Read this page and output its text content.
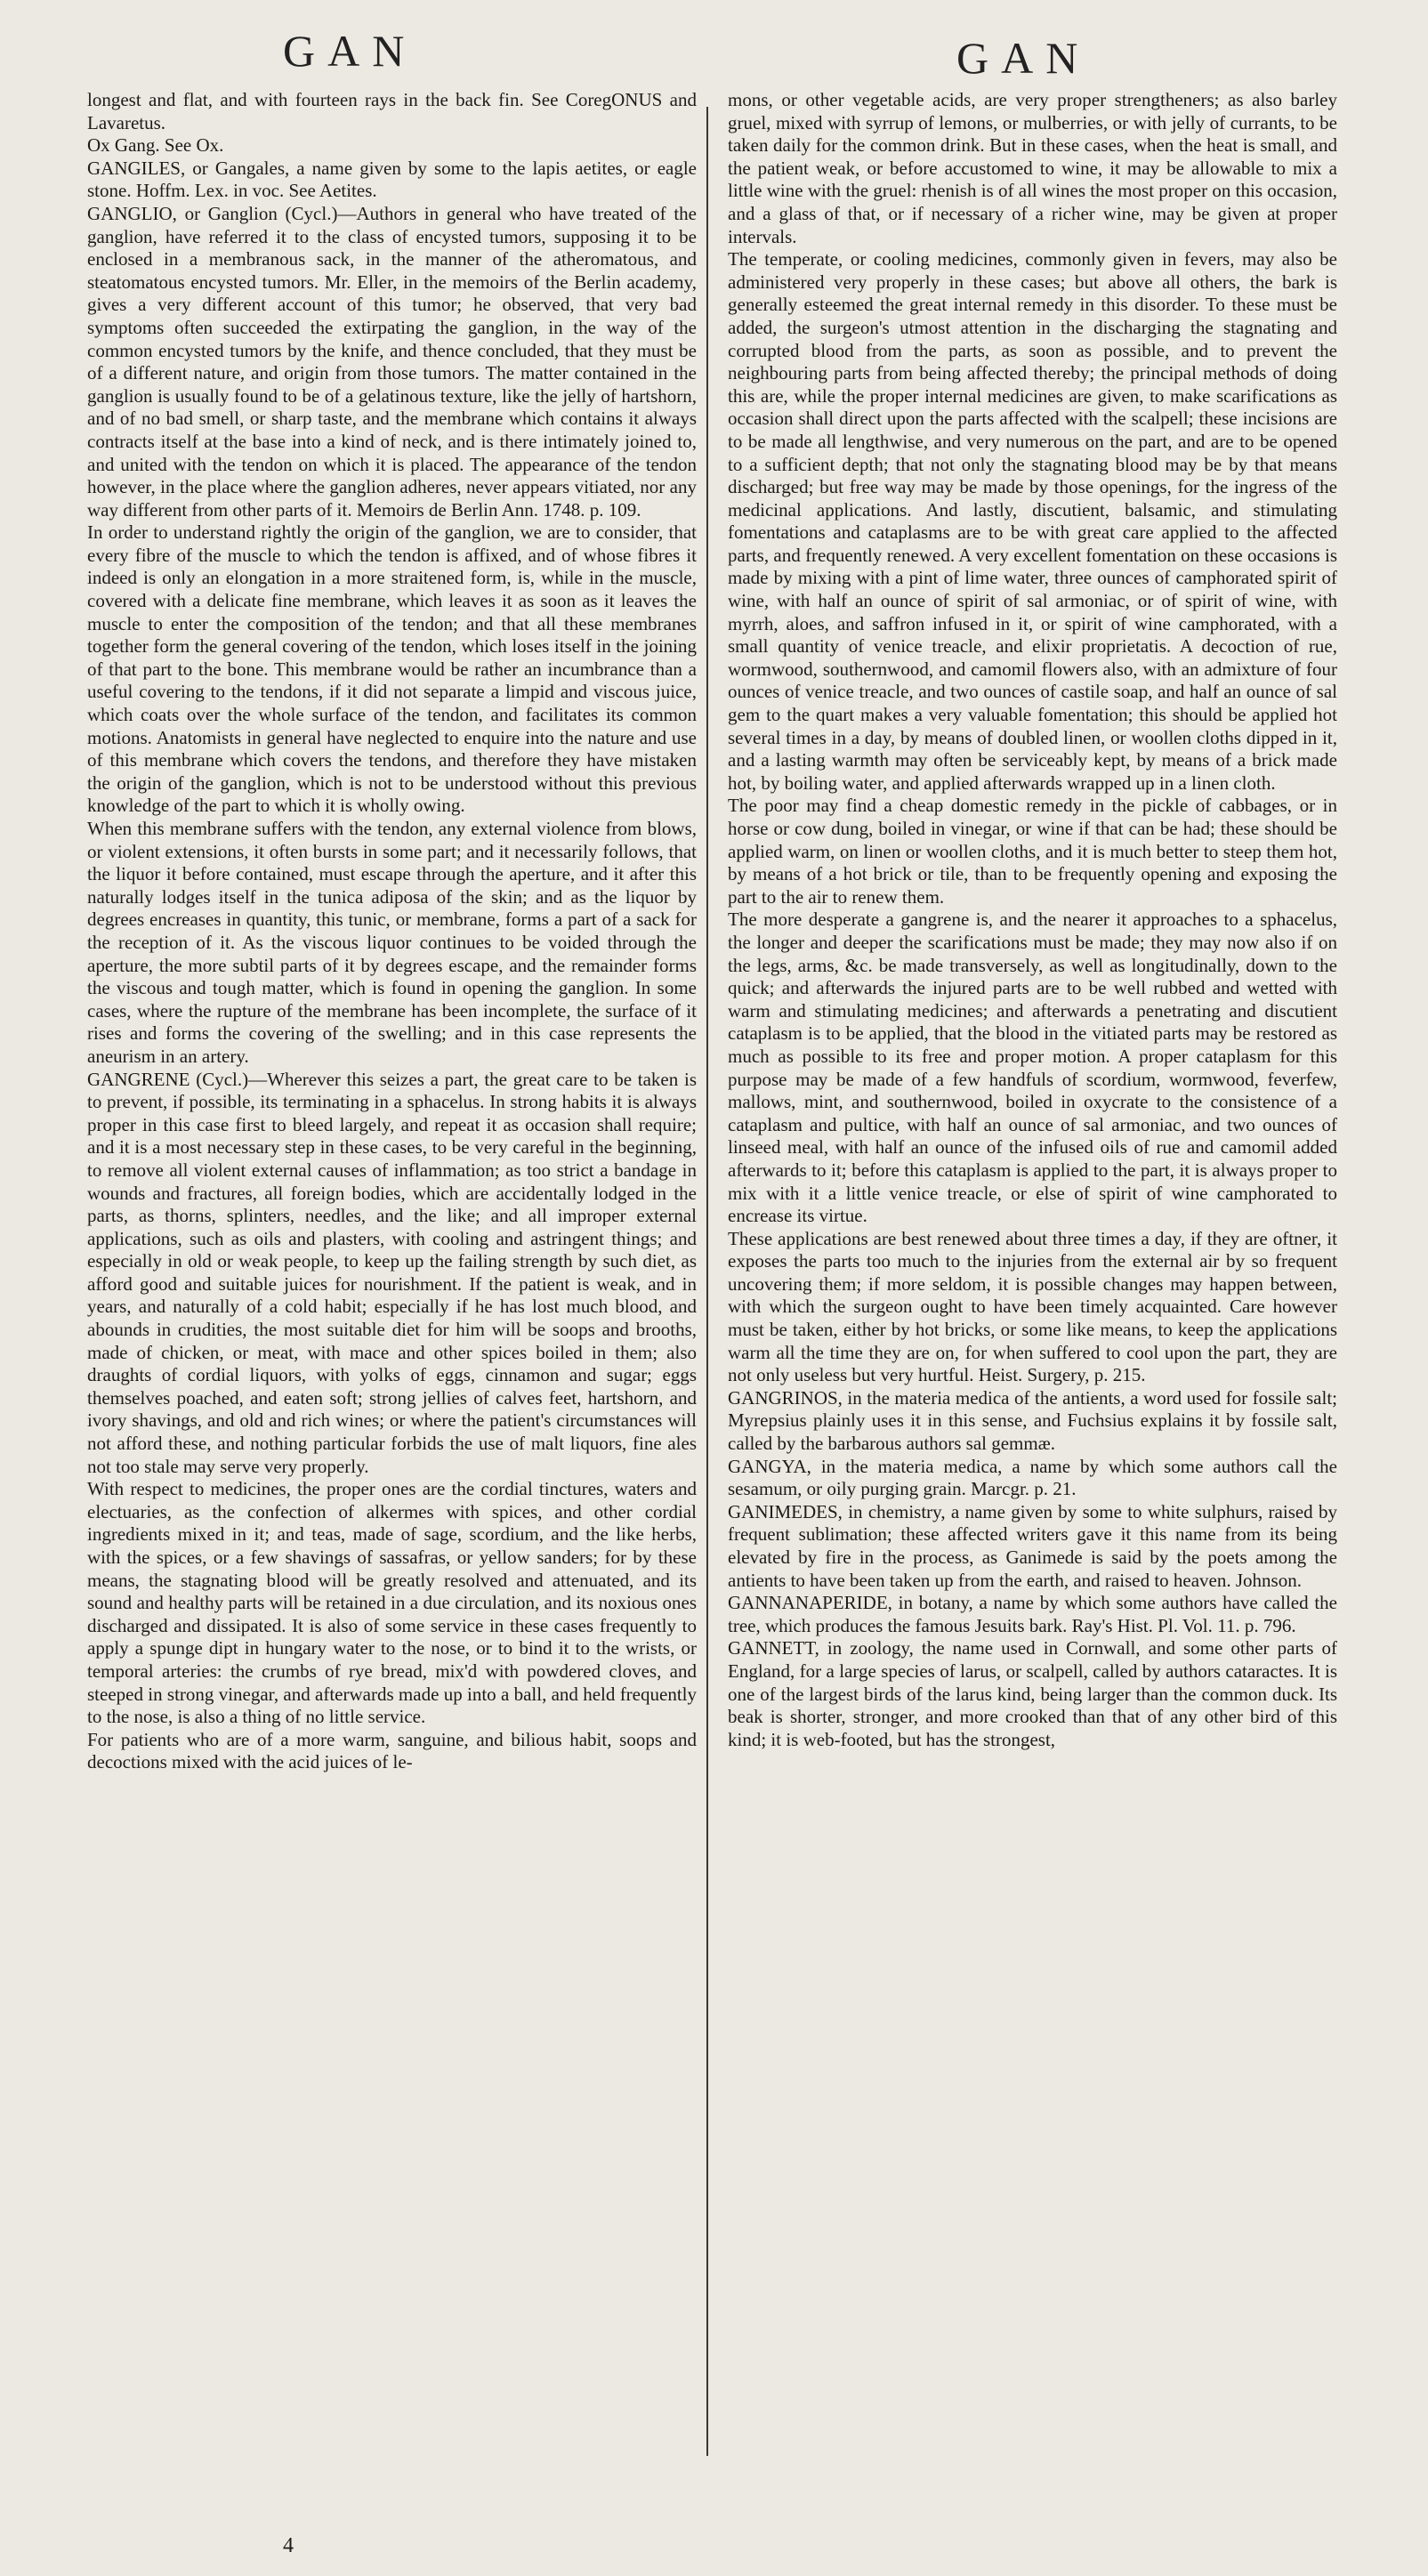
GAN	GAN

longest and flat, and with fourteen rays in the back fin. See CoregONUS and Lavaretus.

Ox Gang. See Ox.

GANGILES, or Gangales, a name given by some to the lapis aetites, or eagle stone. Hoffm. Lex. in voc. See Aetites.

GANGLIO, or Ganglion (Cycl.)—Authors in general who have treated of the ganglion, have referred it to the class of encysted tumors, supposing it to be enclosed in a membranous sack, in the manner of the atheromatous, and steatomatous encysted tumors. Mr. Eller, in the memoirs of the Berlin academy, gives a very different account of this tumor; he observed, that very bad symptoms often succeeded the extirpating the ganglion, in the way of the common encysted tumors by the knife, and thence concluded, that they must be of a different nature, and origin from those tumors. The matter contained in the ganglion is usually found to be of a gelatinous texture, like the jelly of hartshorn, and of no bad smell, or sharp taste, and the membrane which contains it always contracts itself at the base into a kind of neck, and is there intimately joined to, and united with the tendon on which it is placed. The appearance of the tendon however, in the place where the ganglion adheres, never appears vitiated, nor any way different from other parts of it. Memoirs de Berlin Ann. 1748. p. 109.

In order to understand rightly the origin of the ganglion, we are to consider, that every fibre of the muscle to which the tendon is affixed, and of whose fibres it indeed is only an elongation in a more straitened form, is, while in the muscle, covered with a delicate fine membrane, which leaves it as soon as it leaves the muscle to enter the composition of the tendon; and that all these membranes together form the general covering of the tendon, which loses itself in the joining of that part to the bone. This membrane would be rather an incumbrance than a useful covering to the tendons, if it did not separate a limpid and viscous juice, which coats over the whole surface of the tendon, and facilitates its common motions. Anatomists in general have neglected to enquire into the nature and use of this membrane which covers the tendons, and therefore they have mistaken the origin of the ganglion, which is not to be understood without this previous knowledge of the part to which it is wholly owing.

When this membrane suffers with the tendon, any external violence from blows, or violent extensions, it often bursts in some part; and it necessarily follows, that the liquor it before contained, must escape through the aperture, and it after this naturally lodges itself in the tunica adiposa of the skin; and as the liquor by degrees encreases in quantity, this tunic, or membrane, forms a part of a sack for the reception of it. As the viscous liquor continues to be voided through the aperture, the more subtil parts of it by degrees escape, and the remainder forms the viscous and tough matter, which is found in opening the ganglion. In some cases, where the rupture of the membrane has been incomplete, the surface of it rises and forms the covering of the swelling; and in this case represents the aneurism in an artery.

GANGRENE (Cycl.)—Wherever this seizes a part, the great care to be taken is to prevent, if possible, its terminating in a sphacelus. In strong habits it is always proper in this case first to bleed largely, and repeat it as occasion shall require; and it is a most necessary step in these cases, to be very careful in the beginning, to remove all violent external causes of inflammation; as too strict a bandage in wounds and fractures, all foreign bodies, which are accidentally lodged in the parts, as thorns, splinters, needles, and the like; and all improper external applications, such as oils and plasters, with cooling and astringent things; and especially in old or weak people, to keep up the failing strength by such diet, as afford good and suitable juices for nourishment. If the patient is weak, and in years, and naturally of a cold habit; especially if he has lost much blood, and abounds in crudities, the most suitable diet for him will be soops and brooths, made of chicken, or meat, with mace and other spices boiled in them; also draughts of cordial liquors, with yolks of eggs, cinnamon and sugar; eggs themselves poached, and eaten soft; strong jellies of calves feet, hartshorn, and ivory shavings, and old and rich wines; or where the patient's circumstances will not afford these, and nothing particular forbids the use of malt liquors, fine ales not too stale may serve very properly.

With respect to medicines, the proper ones are the cordial tinctures, waters and electuaries, as the confection of alkermes with spices, and other cordial ingredients mixed in it; and teas, made of sage, scordium, and the like herbs, with the spices, or a few shavings of sassafras, or yellow sanders; for by these means, the stagnating blood will be greatly resolved and attenuated, and its sound and healthy parts will be retained in a due circulation, and its noxious ones discharged and dissipated. It is also of some service in these cases frequently to apply a spunge dipt in hungary water to the nose, or to bind it to the wrists, or temporal arteries: the crumbs of rye bread, mix'd with powdered cloves, and steeped in strong vinegar, and afterwards made up into a ball, and held frequently to the nose, is also a thing of no little service.

For patients who are of a more warm, sanguine, and bilious habit, soops and decoctions mixed with the acid juices of le-

mons, or other vegetable acids, are very proper strengtheners; as also barley gruel, mixed with syrrup of lemons, or mulberries, or with jelly of currants, to be taken daily for the common drink. But in these cases, when the heat is small, and the patient weak, or before accustomed to wine, it may be allowable to mix a little wine with the gruel: rhenish is of all wines the most proper on this occasion, and a glass of that, or if necessary of a richer wine, may be given at proper intervals.

The temperate, or cooling medicines, commonly given in fevers, may also be administered very properly in these cases; but above all others, the bark is generally esteemed the great internal remedy in this disorder. To these must be added, the surgeon's utmost attention in the discharging the stagnating and corrupted blood from the parts, as soon as possible, and to prevent the neighbouring parts from being affected thereby; the principal methods of doing this are, while the proper internal medicines are given, to make scarifications as occasion shall direct upon the parts affected with the scalpell; these incisions are to be made all lengthwise, and very numerous on the part, and are to be opened to a sufficient depth; that not only the stagnating blood may be by that means discharged; but free way may be made by those openings, for the ingress of the medicinal applications. And lastly, discutient, balsamic, and stimulating fomentations and cataplasms are to be with great care applied to the affected parts, and frequently renewed. A very excellent fomentation on these occasions is made by mixing with a pint of lime water, three ounces of camphorated spirit of wine, with half an ounce of spirit of sal armoniac, or of spirit of wine, with myrrh, aloes, and saffron infused in it, or spirit of wine camphorated, with a small quantity of venice treacle, and elixir proprietatis. A decoction of rue, wormwood, southernwood, and camomil flowers also, with an admixture of four ounces of venice treacle, and two ounces of castile soap, and half an ounce of sal gem to the quart makes a very valuable fomentation; this should be applied hot several times in a day, by means of doubled linen, or woollen cloths dipped in it, and a lasting warmth may often be serviceably kept, by means of a brick made hot, by boiling water, and applied afterwards wrapped up in a linen cloth.

The poor may find a cheap domestic remedy in the pickle of cabbages, or in horse or cow dung, boiled in vinegar, or wine if that can be had; these should be applied warm, on linen or woollen cloths, and it is much better to steep them hot, by means of a hot brick or tile, than to be frequently opening and exposing the part to the air to renew them.

The more desperate a gangrene is, and the nearer it approaches to a sphacelus, the longer and deeper the scarifications must be made; they may now also if on the legs, arms, &c. be made transversely, as well as longitudinally, down to the quick; and afterwards the injured parts are to be well rubbed and wetted with warm and stimulating medicines; and afterwards a penetrating and discutient cataplasm is to be applied, that the blood in the vitiated parts may be restored as much as possible to its free and proper motion. A proper cataplasm for this purpose may be made of a few handfuls of scordium, wormwood, feverfew, mallows, mint, and southernwood, boiled in oxycrate to the consistence of a cataplasm and pultice, with half an ounce of sal armoniac, and two ounces of linseed meal, with half an ounce of the infused oils of rue and camomil added afterwards to it; before this cataplasm is applied to the part, it is always proper to mix with it a little venice treacle, or else of spirit of wine camphorated to encrease its virtue.

These applications are best renewed about three times a day, if they are oftner, it exposes the parts too much to the injuries from the external air by so frequent uncovering them; if more seldom, it is possible changes may happen between, with which the surgeon ought to have been timely acquainted. Care however must be taken, either by hot bricks, or some like means, to keep the applications warm all the time they are on, for when suffered to cool upon the part, they are not only useless but very hurtful. Heist. Surgery, p. 215.

GANGRINOS, in the materia medica of the antients, a word used for fossile salt; Myrepsius plainly uses it in this sense, and Fuchsius explains it by fossile salt, called by the barbarous authors sal gemmæ.

GANGYA, in the materia medica, a name by which some authors call the sesamum, or oily purging grain. Marcgr. p. 21.

GANIMEDES, in chemistry, a name given by some to white sulphurs, raised by frequent sublimation; these affected writers gave it this name from its being elevated by fire in the process, as Ganimede is said by the poets among the antients to have been taken up from the earth, and raised to heaven. Johnson.

GANNANAPERIDE, in botany, a name by which some authors have called the tree, which produces the famous Jesuits bark. Ray's Hist. Pl. Vol. 11. p. 796.

GANNETT, in zoology, the name used in Cornwall, and some other parts of England, for a large species of larus, or scalpell, called by authors cataractes. It is one of the largest birds of the larus kind, being larger than the common duck. Its beak is shorter, stronger, and more crooked than that of any other bird of this kind; it is web-footed, but has the strongest,

4
